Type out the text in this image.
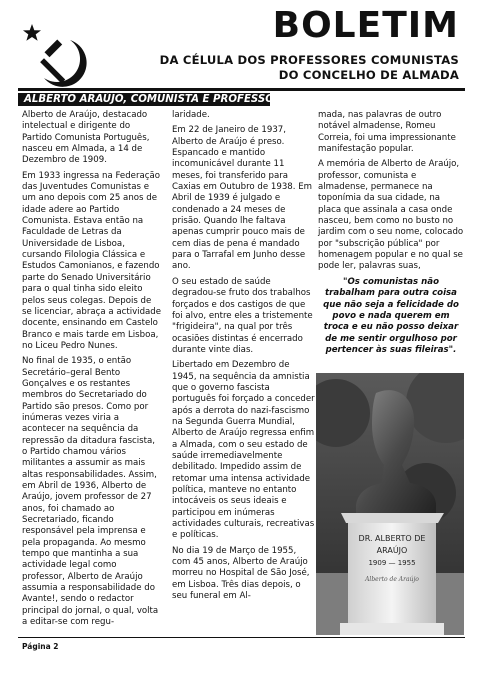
BOLETIM
DA CÉLULA DOS PROFESSORES COMUNISTAS
DO CONCELHO DE ALMADA
ALBERTO ARAÚJO, COMUNISTA E PROFESSOR

Alberto de Araújo, destacado intelectual e dirigente do Partido Comunista Português, nasceu em Almada, a 14 de Dezembro de 1909.

Em 1933 ingressa na Federação das Juventudes Comunistas e um ano depois com 25 anos de idade adere ao Partido Comunista. Estava então na Faculdade de Letras da Universidade de Lisboa, cursando Filologia Clássica e Estudos Camonianos, e fazendo parte do Senado Universitário para o qual tinha sido eleito pelos seus colegas. Depois de se licenciar, abraça a actividade docente, ensinando em Castelo Branco e mais tarde em Lisboa, no Liceu Pedro Nunes.

No final de 1935, o então Secretário–geral Bento Gonçalves e os restantes membros do Secretariado do Partido são presos. Como por inúmeras vezes viria a acontecer na sequência da repressão da ditadura fascista, o Partido chamou vários militantes a assumir as mais altas responsabilidades. Assim, em Abril de 1936, Alberto de Araújo, jovem professor de 27 anos, foi chamado ao Secretariado, ficando responsável pela imprensa e pela propaganda. Ao mesmo tempo que mantinha a sua actividade legal como professor, Alberto de Araújo assumia a responsabilidade do Avante!, sendo o redactor principal do jornal, o qual, volta a editar-se com regu-

laridade.

Em 22 de Janeiro de 1937, Alberto de Araújo é preso. Espancado e mantido incomunicável durante 11 meses, foi transferido para Caxias em Outubro de 1938. Em Abril de 1939 é julgado e condenado a 24 meses de prisão. Quando lhe faltava apenas cumprir pouco mais de cem dias de pena é mandado para o Tarrafal em Junho desse ano.

O seu estado de saúde degradou-se fruto dos trabalhos forçados e dos castigos de que foi alvo, entre eles a tristemente "frigideira", na qual por três ocasiões distintas é encerrado durante vinte dias.

Libertado em Dezembro de 1945, na sequência da amnistia que o governo fascista português foi forçado a conceder após a derrota do nazi-fascismo na Segunda Guerra Mundial, Alberto de Araújo regressa enfim a Almada, com o seu estado de saúde irremediavelmente debilitado. Impedido assim de retomar uma intensa actividade política, manteve no entanto intocáveis os seus ideais e participou em inúmeras actividades culturais, recreativas e políticas.

No dia 19 de Março de 1955, com 45 anos, Alberto de Araújo morreu no Hospital de São José, em Lisboa. Três dias depois, o seu funeral em Al-

mada, nas palavras de outro notável almadense, Romeu Correia, foi uma impressionante manifestação popular.

A memória de Alberto de Araújo, professor, comunista e almadense, permanece na toponímia da sua cidade, na placa que assinala a casa onde nasceu, bem como no busto no jardim com o seu nome, colocado por "subscrição pública" por homenagem popular e no qual se pode ler, palavras suas,

"Os comunistas não trabalham para outra coisa que não seja a felicidade do povo e nada querem em troca e eu não posso deixar de me sentir orgulhoso por pertencer às suas fileiras".

DR. ALBERTO DE
ARAÚJO
1909 — 1955
Alberto de Araújo
Página 2
